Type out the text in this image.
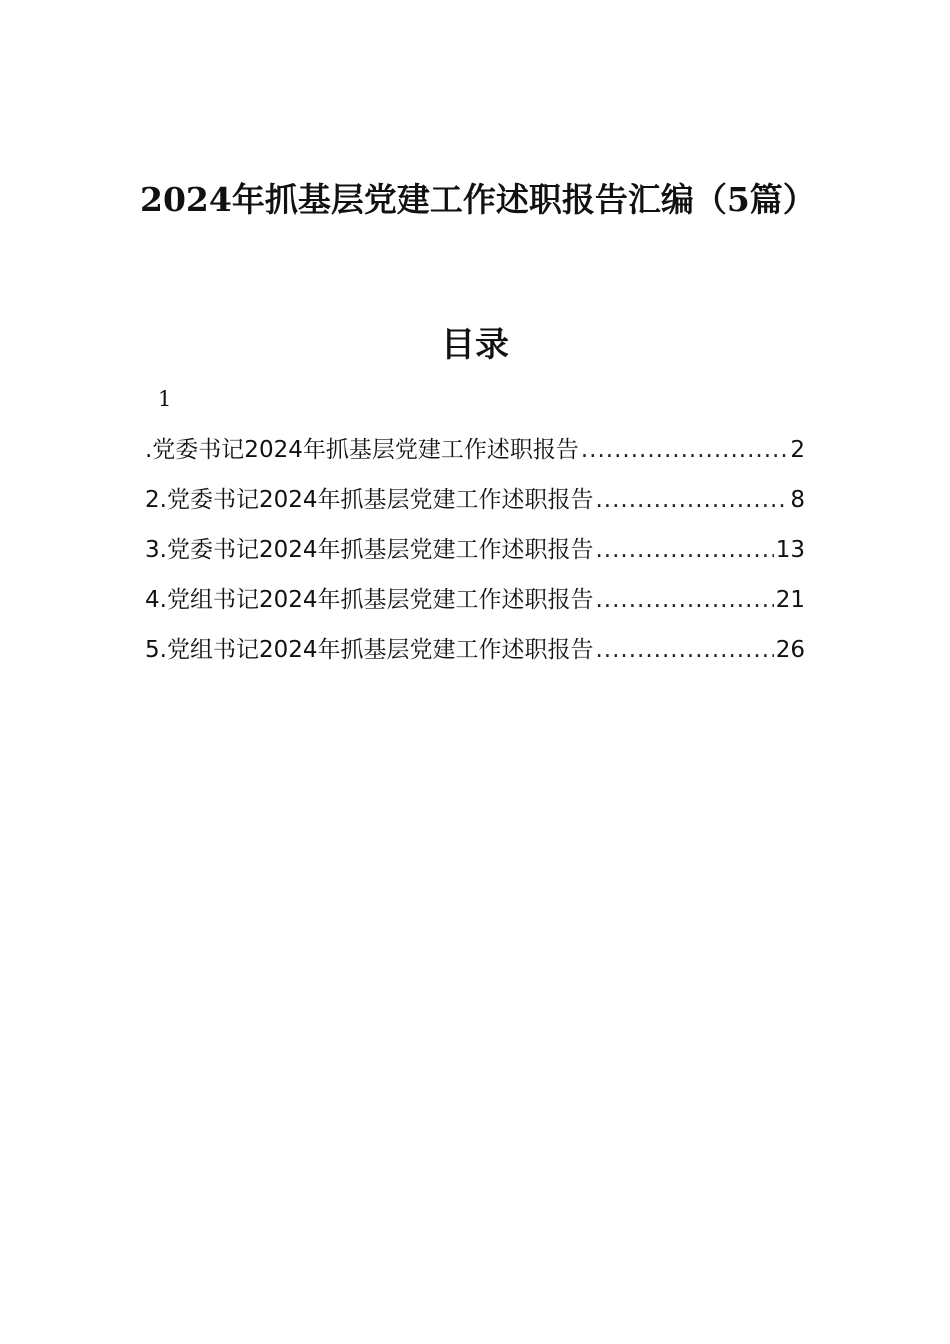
2024年抓基层党建工作述职报告汇编（5篇）
目录
1
.党委书记2024年抓基层党建工作述职报告 .....	2
2.党委书记2024年抓基层党建工作述职报告 .....	8
3.党委书记2024年抓基层党建工作述职报告 .....	13
4.党组书记2024年抓基层党建工作述职报告 .....	21
5.党组书记2024年抓基层党建工作述职报告 .....	26
